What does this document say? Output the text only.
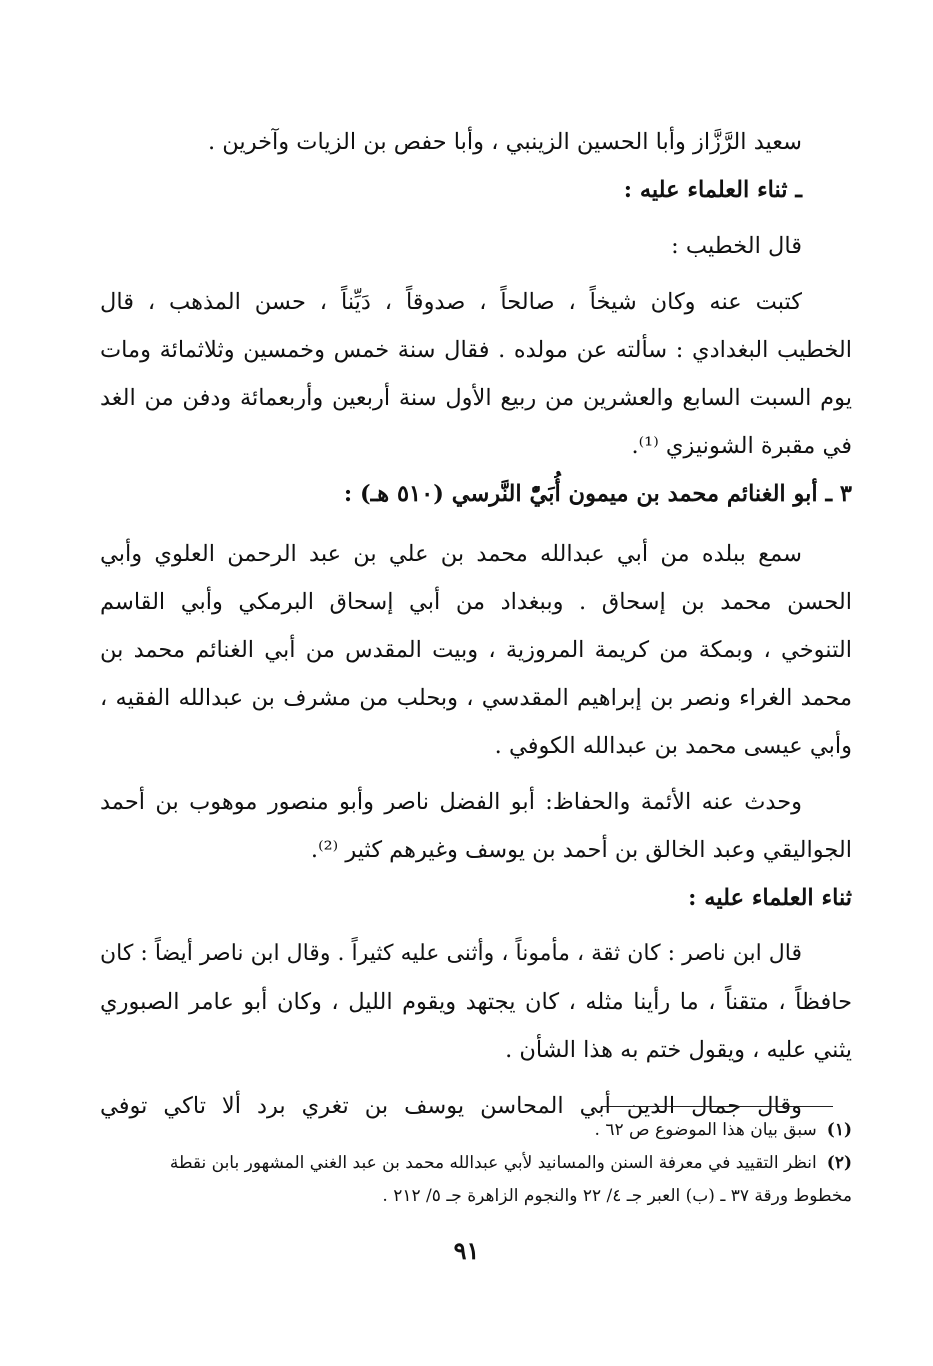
سعيد الرَّزَّاز وأبا الحسين الزينبي ، وأبا حفص بن الزيات وآخرين .
ـ ثناء العلماء عليه :
قال الخطيب :
كتبت عنه وكان شيخاً ، صالحاً ، صدوقاً ، دَيِّناً ، حسن المذهب ، قال
الخطيب البغدادي : سألته عن مولده . فقال سنة خمس وخمسين وثلاثمائة ومات
يوم السبت السابع والعشرين من ربيع الأول سنة أربعين وأربعمائة ودفن من الغد
في مقبرة الشونيزي ⁽¹⁾.
٣ ـ أبو الغنائم محمد بن ميمون أُبَيّْ النَّرسي (٥١٠ هـ) :
سمع ببلده من أبي عبدالله محمد بن علي بن عبد الرحمن العلوي وأبي
الحسن محمد بن إسحاق . وببغداد من أبي إسحاق البرمكي وأبي القاسم
التنوخي ، وبمكة من كريمة المروزية ، وبيت المقدس من أبي الغنائم محمد بن
محمد الغراء ونصر بن إبراهيم المقدسي ، وبحلب من مشرف بن عبدالله الفقيه ،
وأبي عيسى محمد بن عبدالله الكوفي .
وحدث عنه الأئمة والحفاظ: أبو الفضل ناصر وأبو منصور موهوب بن أحمد
الجواليقي وعبد الخالق بن أحمد بن يوسف وغيرهم كثير ⁽²⁾.
ثناء العلماء عليه :
قال ابن ناصر : كان ثقة ، مأموناً ، وأثنى عليه كثيراً . وقال ابن ناصر أيضاً : كان
حافظاً ، متقناً ، ما رأينا مثله ، كان يجتهد ويقوم الليل ، وكان أبو عامر الصبوري
يثني عليه ، ويقول ختم به هذا الشأن .
وقال جمال الدين أبي المحاسن يوسف بن تغري برد ألا تاكي توفي
(١)سبق بيان هذا الموضوع ص ٦٢ .
(٢)انظر التقييد في معرفة السنن والمسانيد لأبي عبدالله محمد بن عبد الغني المشهور بابن نقطة
مخطوط ورقة ٣٧ ـ (ب) العبر جـ ٤/ ٢٢ والنجوم الزاهرة جـ ٥/ ٢١٢ .
٩١
